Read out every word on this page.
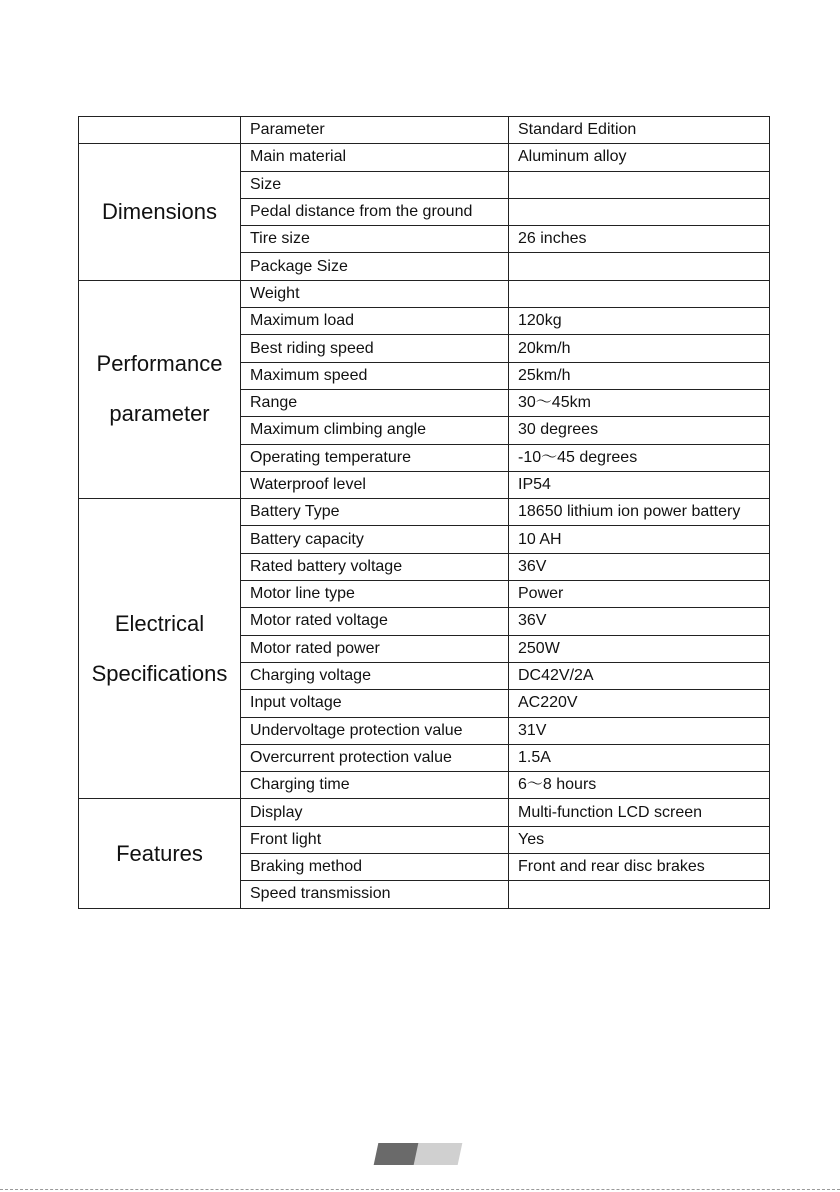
	Parameter	Standard Edition

Dimensions	Main material	Aluminum alloy
	Size	
	Pedal distance from the ground	
	Tire size	26 inches
	Package Size	

Performance
parameter	Weight	
	Maximum load	120kg
	Best riding speed	20km/h
	Maximum speed	25km/h
	Range	30～45km
	Maximum climbing angle	30 degrees
	Operating temperature	-10～45 degrees
	Waterproof level	IP54

Electrical
Specifications	Battery Type	18650 lithium ion power battery
	Battery capacity	10 AH
	Rated battery voltage	36V
	Motor line type	Power
	Motor rated voltage	36V
	Motor rated power	250W
	Charging voltage	DC42V/2A
	Input voltage	AC220V
	Undervoltage protection value	31V
	Overcurrent protection value	1.5A
	Charging time	6～8 hours

Features	Display	Multi-function LCD screen
	Front light	Yes
	Braking method	Front and rear disc brakes
	Speed transmission	
